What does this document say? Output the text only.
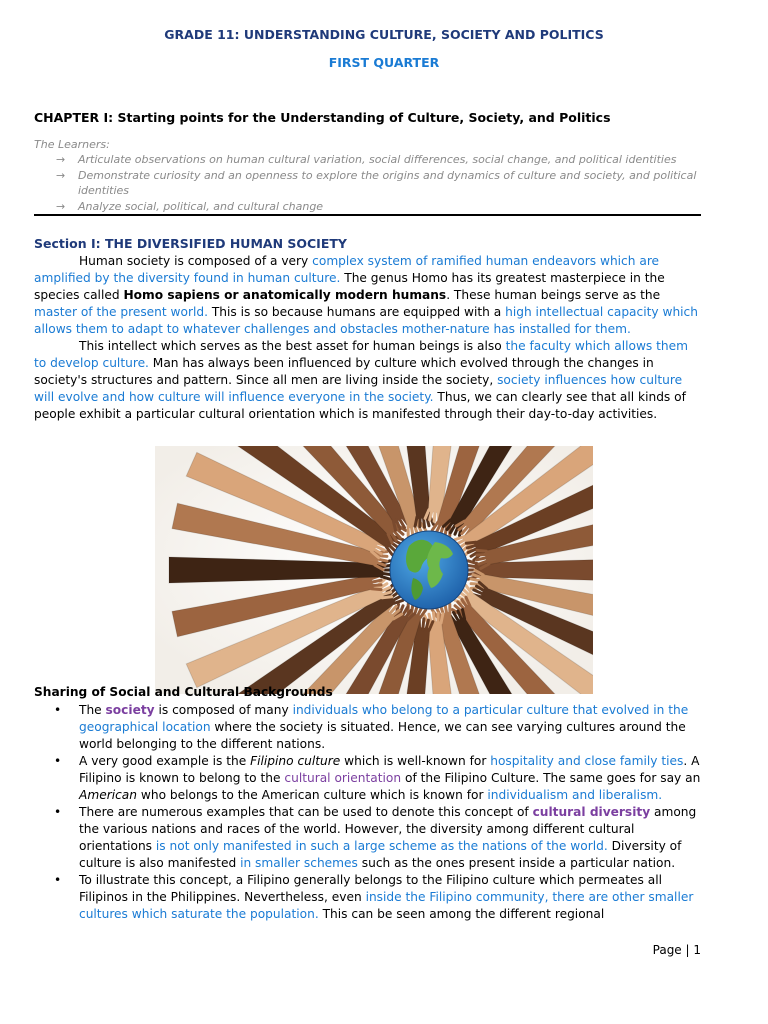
GRADE 11: UNDERSTANDING CULTURE, SOCIETY AND POLITICS
FIRST QUARTER
CHAPTER I: Starting points for the Understanding of Culture, Society, and Politics
The Learners:
→ Articulate observations on human cultural variation, social differences, social change, and political identities
→ Demonstrate curiosity and an openness to explore the origins and dynamics of culture and society, and political identities
→ Analyze social, political, and cultural change
Section I: THE DIVERSIFIED HUMAN SOCIETY

Human society is composed of a very complex system of ramified human endeavors which are amplified by the diversity found in human culture. The genus Homo has its greatest masterpiece in the species called Homo sapiens or anatomically modern humans. These human beings serve as the master of the present world. This is so because humans are equipped with a high intellectual capacity which allows them to adapt to whatever challenges and obstacles mother-nature has installed for them.

This intellect which serves as the best asset for human beings is also the faculty which allows them to develop culture. Man has always been influenced by culture which evolved through the changes in society's structures and pattern. Since all men are living inside the society, society influences how culture will evolve and how culture will influence everyone in the society. Thus, we can clearly see that all kinds of people exhibit a particular cultural orientation which is manifested through their day-to-day activities.

Sharing of Social and Cultural Backgrounds
• The society is composed of many individuals who belong to a particular culture that evolved in the geographical location where the society is situated. Hence, we can see varying cultures around the world belonging to the different nations.
• A very good example is the Filipino culture which is well-known for hospitality and close family ties. A Filipino is known to belong to the cultural orientation of the Filipino Culture. The same goes for say an American who belongs to the American culture which is known for individualism and liberalism.
• There are numerous examples that can be used to denote this concept of cultural diversity among the various nations and races of the world. However, the diversity among different cultural orientations is not only manifested in such a large scheme as the nations of the world. Diversity of culture is also manifested in smaller schemes such as the ones present inside a particular nation.
• To illustrate this concept, a Filipino generally belongs to the Filipino culture which permeates all Filipinos in the Philippines. Nevertheless, even inside the Filipino community, there are other smaller cultures which saturate the population. This can be seen among the different regional
Page | 1
